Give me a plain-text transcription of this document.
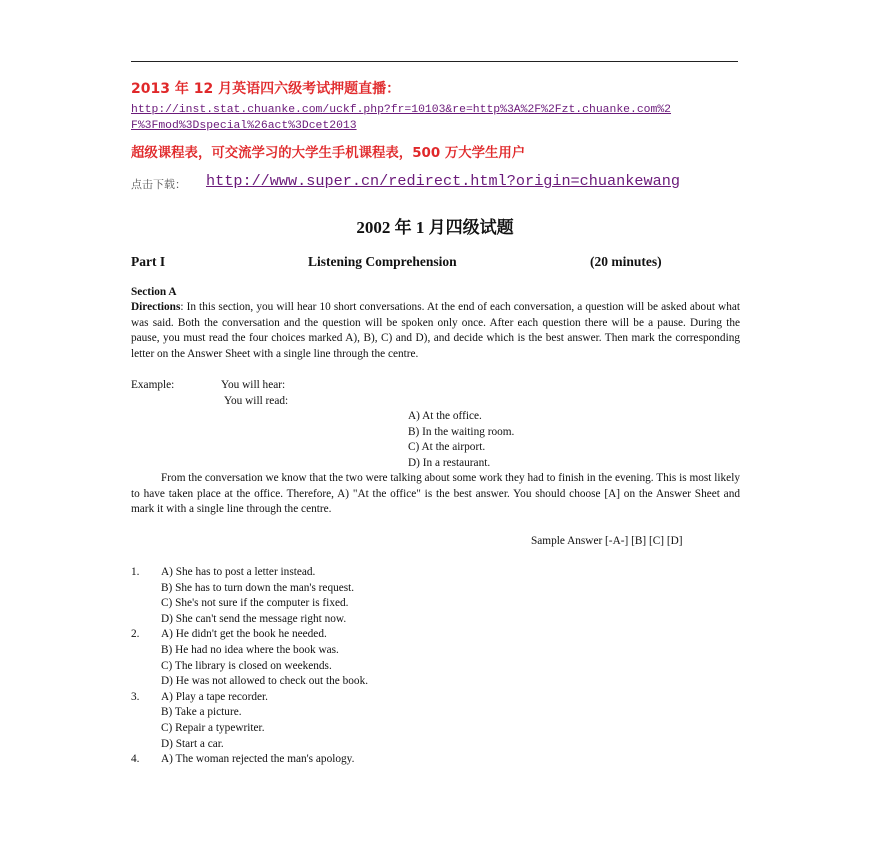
2013 年 12 月英语四六级考试押题直播：
http://inst.stat.chuanke.com/uckf.php?fr=10103&re=http%3A%2F%2Fzt.chuanke.com%2
F%3Fmod%3Dspecial%26act%3Dcet2013
超级课程表，可交流学习的大学生手机课程表，500 万大学生用户
点击下载： http://www.super.cn/redirect.html?origin=chuankewang
2002 年 1 月四级试题
Part I	Listening Comprehension	(20 minutes)
Section A
Directions: In this section, you will hear 10 short conversations. At the end of each conversation, a question will be asked about what was said. Both the conversation and the question will be spoken only once. After each question there will be a pause. During the pause, you must read the four choices marked A), B), C) and D), and decide which is the best answer. Then mark the corresponding letter on the Answer Sheet with a single line through the centre.
Example:	You will hear:
You will read:
A) At the office.
B) In the waiting room.
C) At the airport.
D) In a restaurant.
From the conversation we know that the two were talking about some work they had to finish in the evening. This is most likely to have taken place at the office. Therefore, A) "At the office" is the best answer. You should choose [A] on the Answer Sheet and mark it with a single line through the centre.
Sample Answer [-A-] [B] [C] [D]
1. A) She has to post a letter instead.
B) She has to turn down the man's request.
C) She's not sure if the computer is fixed.
D) She can't send the message right now.
2. A) He didn't get the book he needed.
B) He had no idea where the book was.
C) The library is closed on weekends.
D) He was not allowed to check out the book.
3. A) Play a tape recorder.
B) Take a picture.
C) Repair a typewriter.
D) Start a car.
4. A) The woman rejected the man's apology.
